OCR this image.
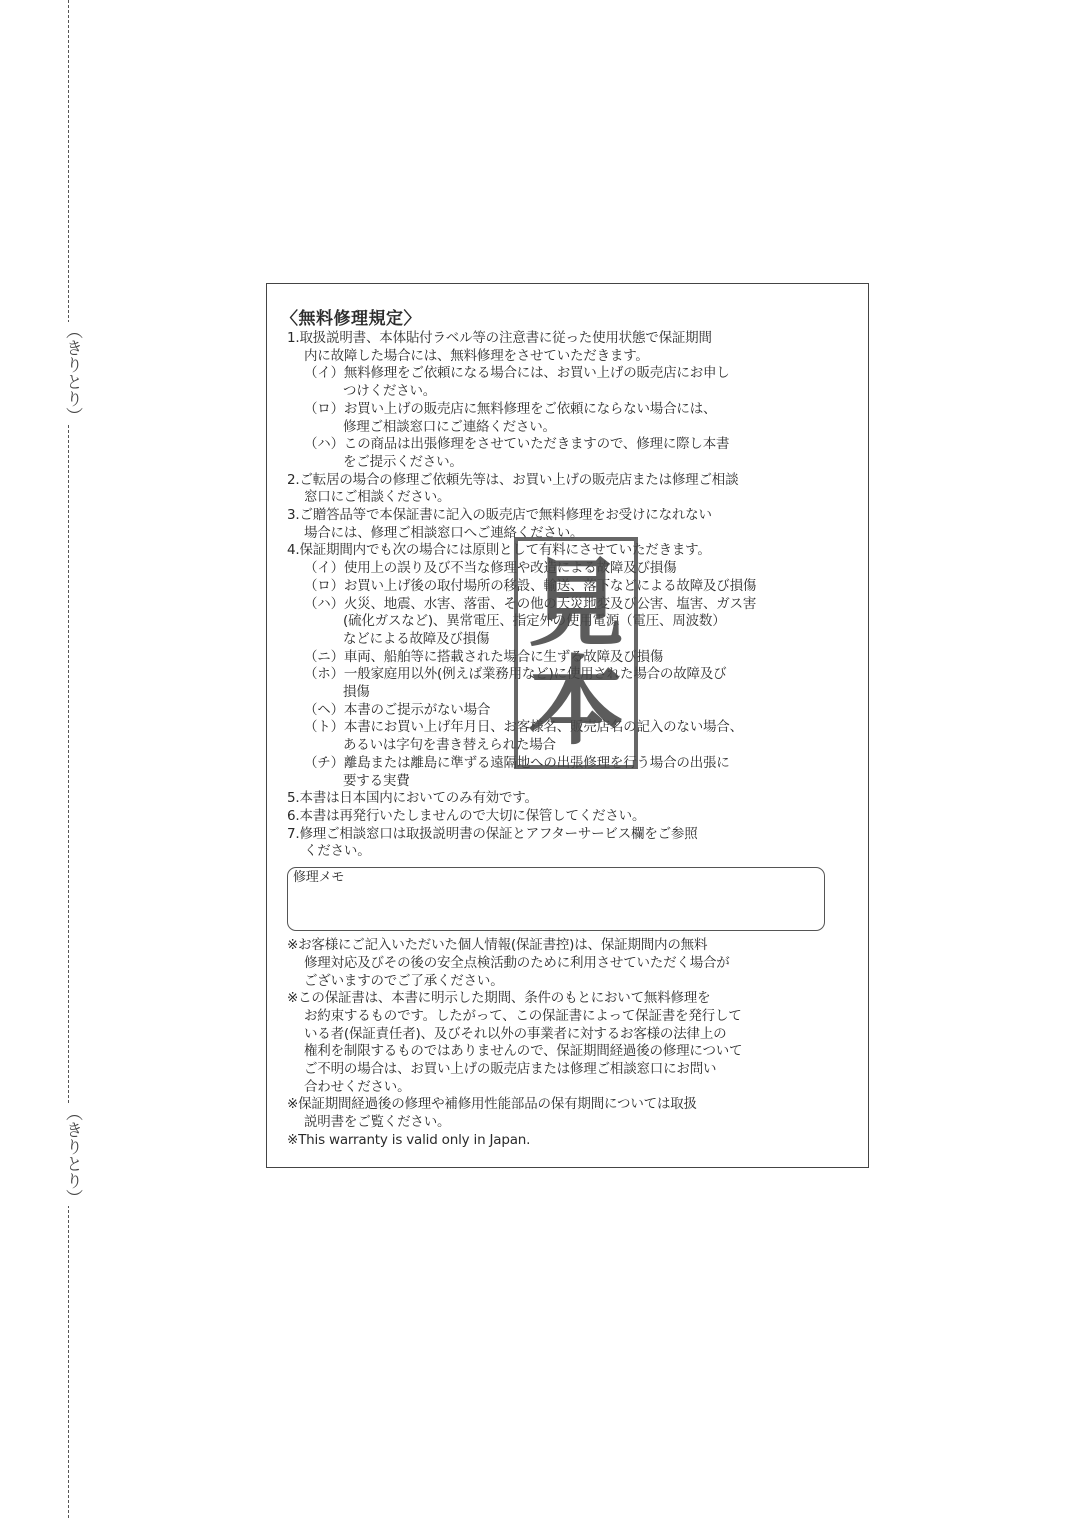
（きりとり）
（きりとり）
〈無料修理規定〉
1.取扱説明書、本体貼付ラベル等の注意書に従った使用状態で保証期間
内に故障した場合には、無料修理をさせていただきます。
（イ）無料修理をご依頼になる場合には、お買い上げの販売店にお申し
つけください。
（ロ）お買い上げの販売店に無料修理をご依頼にならない場合には、
修理ご相談窓口にご連絡ください。
（ハ）この商品は出張修理をさせていただきますので、修理に際し本書
をご提示ください。
2.ご転居の場合の修理ご依頼先等は、お買い上げの販売店または修理ご相談
窓口にご相談ください。
3.ご贈答品等で本保証書に記入の販売店で無料修理をお受けになれない
場合には、修理ご相談窓口へご連絡ください。
4.保証期間内でも次の場合には原則として有料にさせていただきます。
（イ）使用上の誤り及び不当な修理や改造による故障及び損傷
（ロ）お買い上げ後の取付場所の移設、輸送、落下などによる故障及び損傷
（ハ）火災、地震、水害、落雷、その他の天災地変及び公害、塩害、ガス害
(硫化ガスなど)、異常電圧、指定外の使用電源（電圧、周波数）
などによる故障及び損傷
（ニ）車両、船舶等に搭載された場合に生ずる故障及び損傷
（ホ）一般家庭用以外(例えば業務用など)に使用された場合の故障及び
損傷
（ヘ）本書のご提示がない場合
（ト）本書にお買い上げ年月日、お客様名、販売店名の記入のない場合、
あるいは字句を書き替えられた場合
（チ）離島または離島に準ずる遠隔地への出張修理を行う場合の出張に
要する実費
5.本書は日本国内においてのみ有効です。
6.本書は再発行いたしませんので大切に保管してください。
7.修理ご相談窓口は取扱説明書の保証とアフターサービス欄をご参照
ください。
修理メモ
※お客様にご記入いただいた個人情報(保証書控)は、保証期間内の無料
修理対応及びその後の安全点検活動のために利用させていただく場合が
ございますのでご了承ください。
※この保証書は、本書に明示した期間、条件のもとにおいて無料修理を
お約束するものです。したがって、この保証書によって保証書を発行して
いる者(保証責任者)、及びそれ以外の事業者に対するお客様の法律上の
権利を制限するものではありませんので、保証期間経過後の修理について
ご不明の場合は、お買い上げの販売店または修理ご相談窓口にお問い
合わせください。
※保証期間経過後の修理や補修用性能部品の保有期間については取扱
説明書をご覧ください。
※This warranty is valid only in Japan.
見
本
